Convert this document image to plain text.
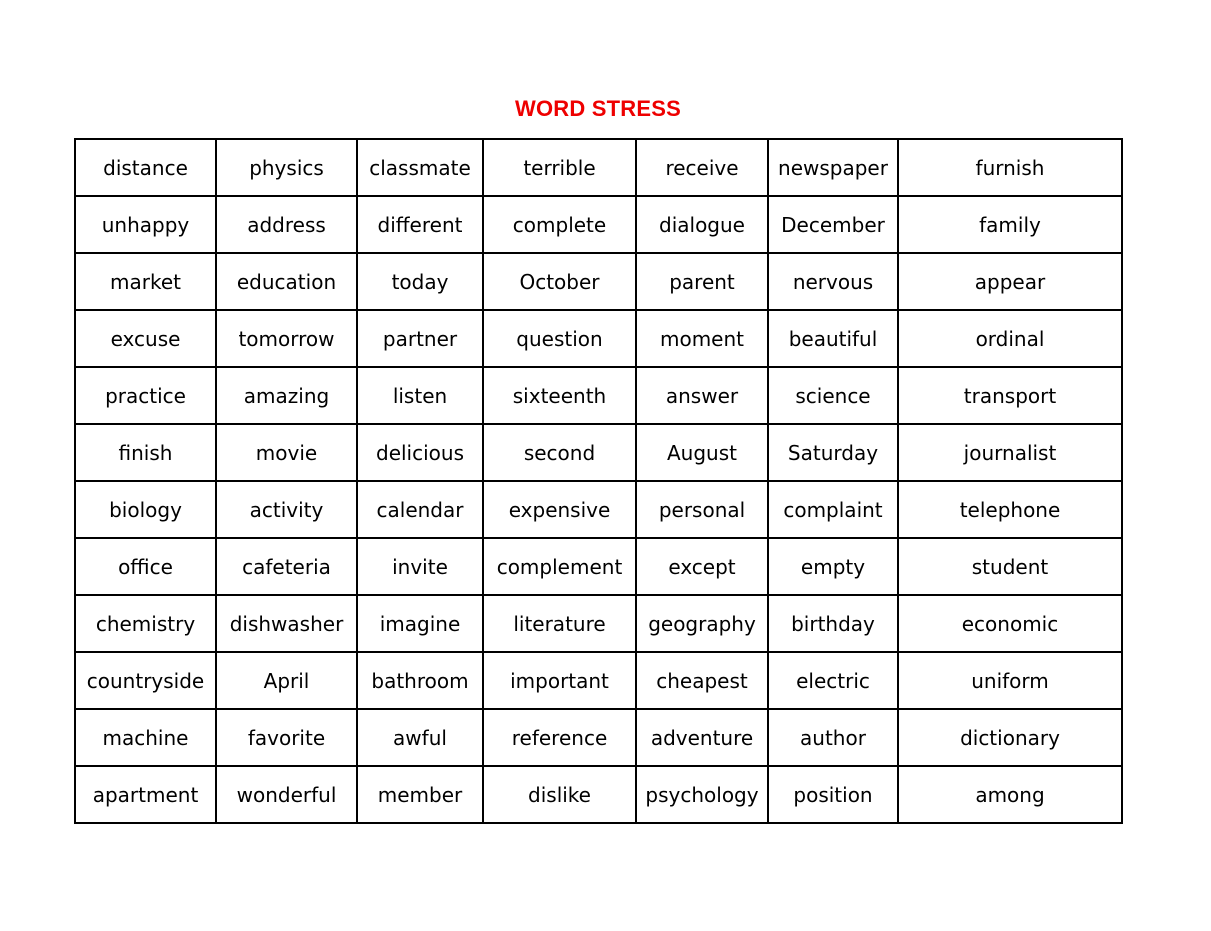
WORD STRESS
distance	physics	classmate	terrible	receive	newspaper	furnish
unhappy	address	different	complete	dialogue	December	family
market	education	today	October	parent	nervous	appear
excuse	tomorrow	partner	question	moment	beautiful	ordinal
practice	amazing	listen	sixteenth	answer	science	transport
finish	movie	delicious	second	August	Saturday	journalist
biology	activity	calendar	expensive	personal	complaint	telephone
office	cafeteria	invite	complement	except	empty	student
chemistry	dishwasher	imagine	literature	geography	birthday	economic
countryside	April	bathroom	important	cheapest	electric	uniform
machine	favorite	awful	reference	adventure	author	dictionary
apartment	wonderful	member	dislike	psychology	position	among
